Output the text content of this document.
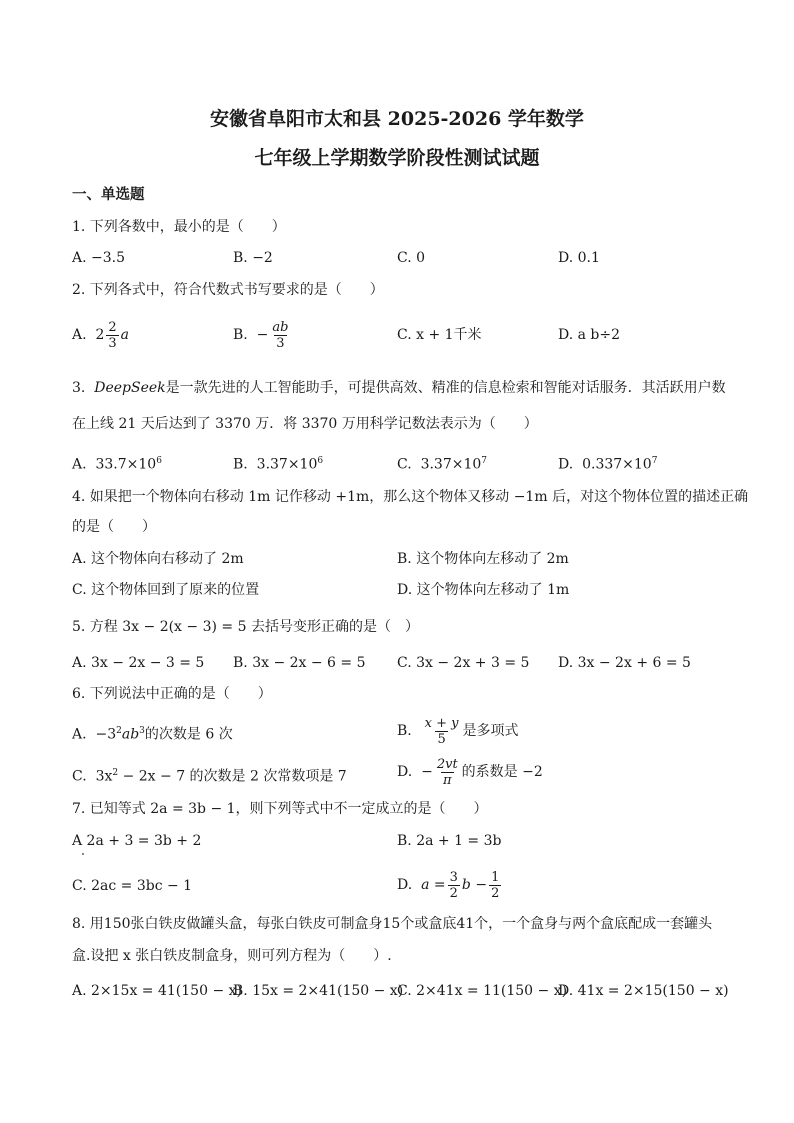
安徽省阜阳市太和县 2025-2026 学年数学
七年级上学期数学阶段性测试试题
一、单选题
1. 下列各数中，最小的是（　　）
A. −3.5	B. −2	C. 0	D. 0.1
2. 下列各式中，符合代数式书写要求的是（　　）
A.
$2 \frac{2}{3}$ a	B.
− $\frac{ab}{3}$	C. x + 1千米	D. a b÷2
3.  DeepSeek是一款先进的人工智能助手，可提供高效、精准的信息检索和智能对话服务．其活跃用户数
在上线 21 天后达到了 3370 万．将 3370 万用科学记数法表示为（　　）
A. $33.7\times 10^6$	B. $3.37\times 10^6$	C. $3.37\times 10^7$	D. $0.337\times 10^7$
4. 如果把一个物体向右移动 1m 记作移动 +1m，那么这个物体又移动 −1m 后，对这个物体位置的描述正确
的是（　　）
A. 这个物体向右移动了 2m	B. 这个物体向左移动了 2m
C. 这个物体回到了原来的位置	D. 这个物体向左移动了 1m
5. 方程 3x − 2(x − 3) = 5 去括号变形正确的是（　）
A. 3x − 2x − 3 = 5 B. 3x − 2x − 6 = 5 C. 3x − 2x + 3 = 5 D. 3x − 2x + 6 = 5
6. 下列说法中正确的是（　　）
A. $-3^2ab^3$的次数是 6 次	B.
$\frac{x + y}{5}$ 是多项式
C. $3x^2 - 2x - 7$ 的次数是 2 次常数项是 7	D.
− $\frac{2vt}{\pi}$ 的系数是 −2
7. 已知等式 2a = 3b − 1，则下列等式中不一定成立的是（　　）
A 2a + 3 = 3b + 2	B. 2a + 1 = 3b
C. 2ac = 3bc − 1	D.
$a = \frac{3}{2}$ $b - \frac{1}{2}$
8. 用150张白铁皮做罐头盒，每张白铁皮可制盒身15个或盒底41个，一个盒身与两个盒底配成一套罐头
盒.设把 x 张白铁皮制盒身，则可列方程为（　　）.
A. 2×15x = 41(150 − x)
B. 15x = 2×41(150 − x)
C. 2×41x = 11(150 − x)
D. 41x = 2×15(150 − x)
